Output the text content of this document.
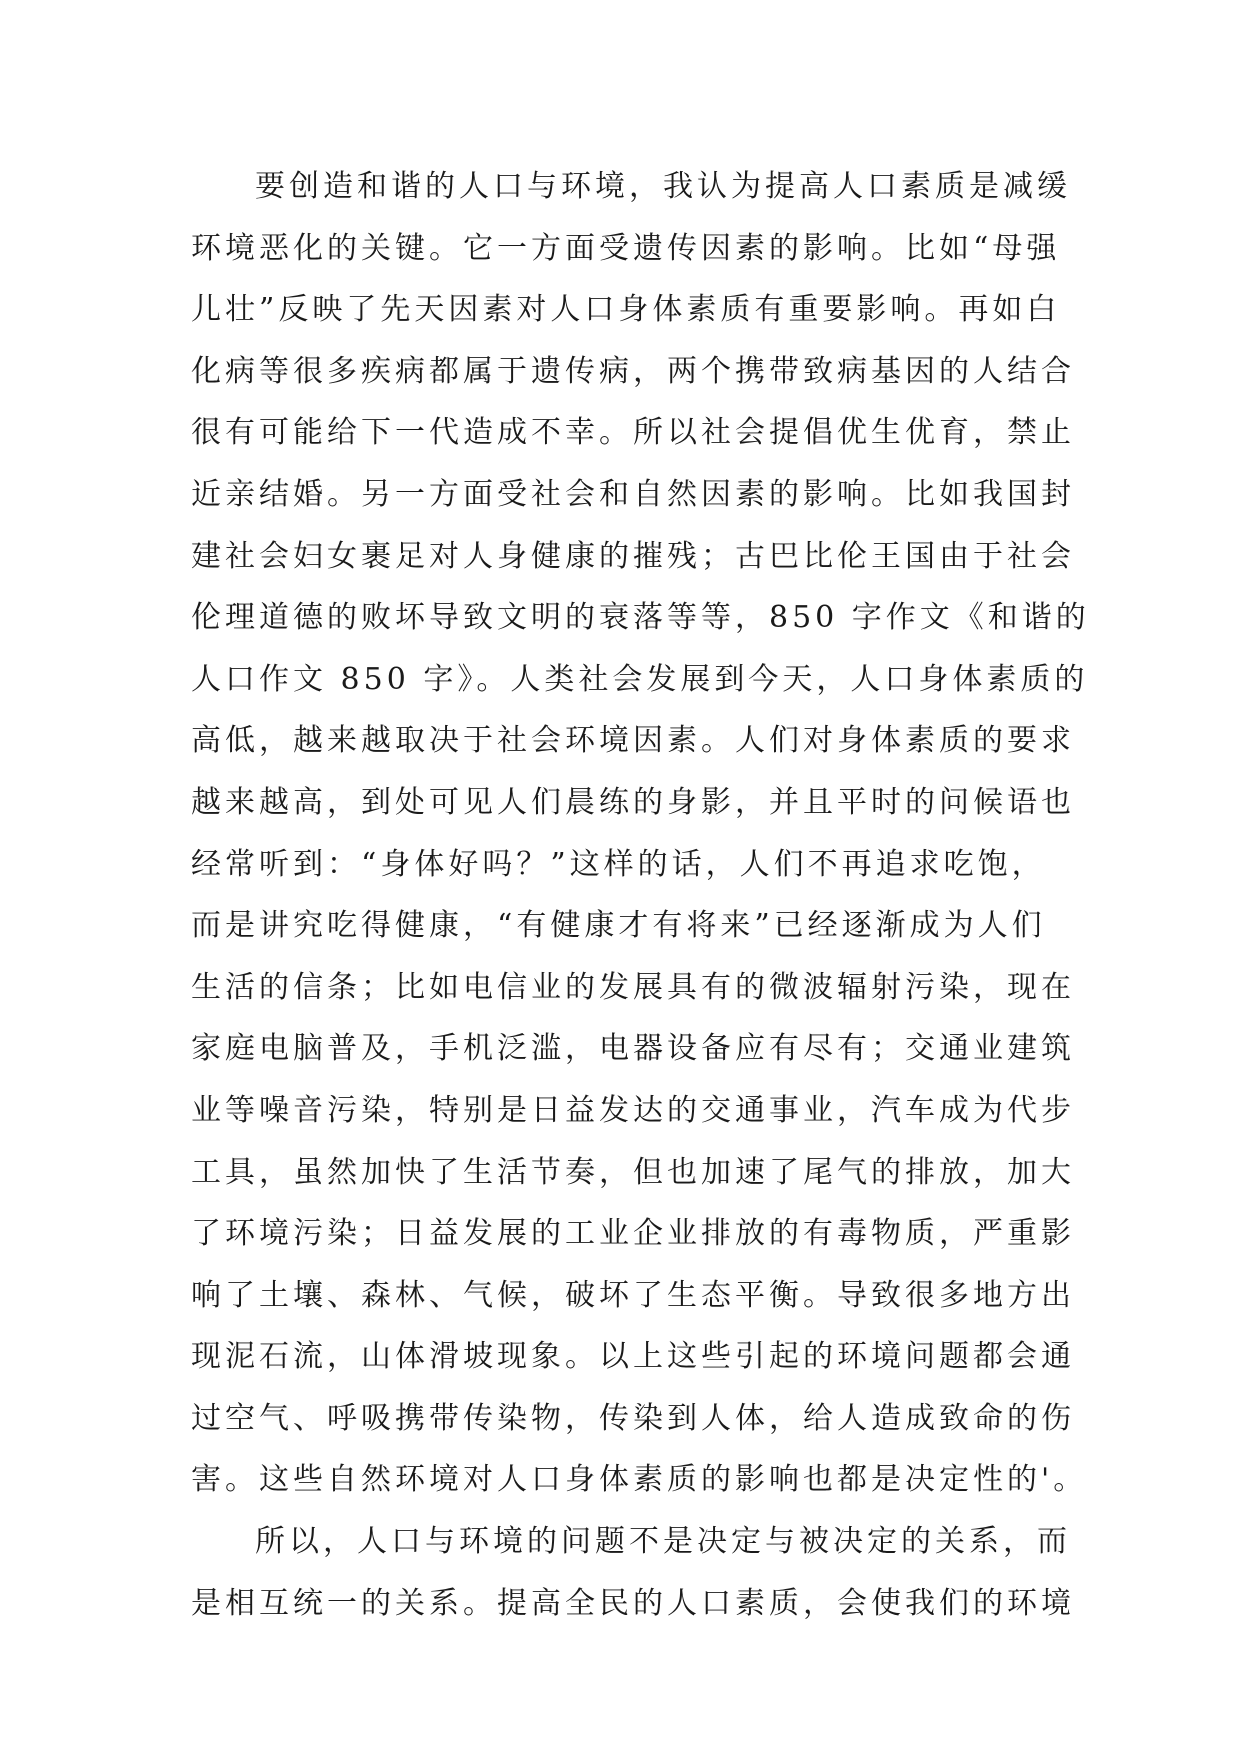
要创造和谐的人口与环境，我认为提高人口素质是减缓
环境恶化的关键。它一方面受遗传因素的影响。比如“母强
儿壮”反映了先天因素对人口身体素质有重要影响。再如白
化病等很多疾病都属于遗传病，两个携带致病基因的人结合
很有可能给下一代造成不幸。所以社会提倡优生优育，禁止
近亲结婚。另一方面受社会和自然因素的影响。比如我国封
建社会妇女裹足对人身健康的摧残；古巴比伦王国由于社会
伦理道德的败坏导致文明的衰落等等，850 字作文《和谐的
人口作文 850 字》。人类社会发展到今天，人口身体素质的
高低，越来越取决于社会环境因素。人们对身体素质的要求
越来越高，到处可见人们晨练的身影，并且平时的问候语也
经常听到：“身体好吗？”这样的话，人们不再追求吃饱，
而是讲究吃得健康，“有健康才有将来”已经逐渐成为人们
生活的信条；比如电信业的发展具有的微波辐射污染，现在
家庭电脑普及，手机泛滥，电器设备应有尽有；交通业建筑
业等噪音污染，特别是日益发达的交通事业，汽车成为代步
工具，虽然加快了生活节奏，但也加速了尾气的排放，加大
了环境污染；日益发展的工业企业排放的有毒物质，严重影
响了土壤、森林、气候，破坏了生态平衡。导致很多地方出
现泥石流，山体滑坡现象。以上这些引起的环境问题都会通
过空气、呼吸携带传染物，传染到人体，给人造成致命的伤
害。这些自然环境对人口身体素质的影响也都是决定性的'。
所以，人口与环境的问题不是决定与被决定的关系，而
是相互统一的关系。提高全民的人口素质，会使我们的环境
